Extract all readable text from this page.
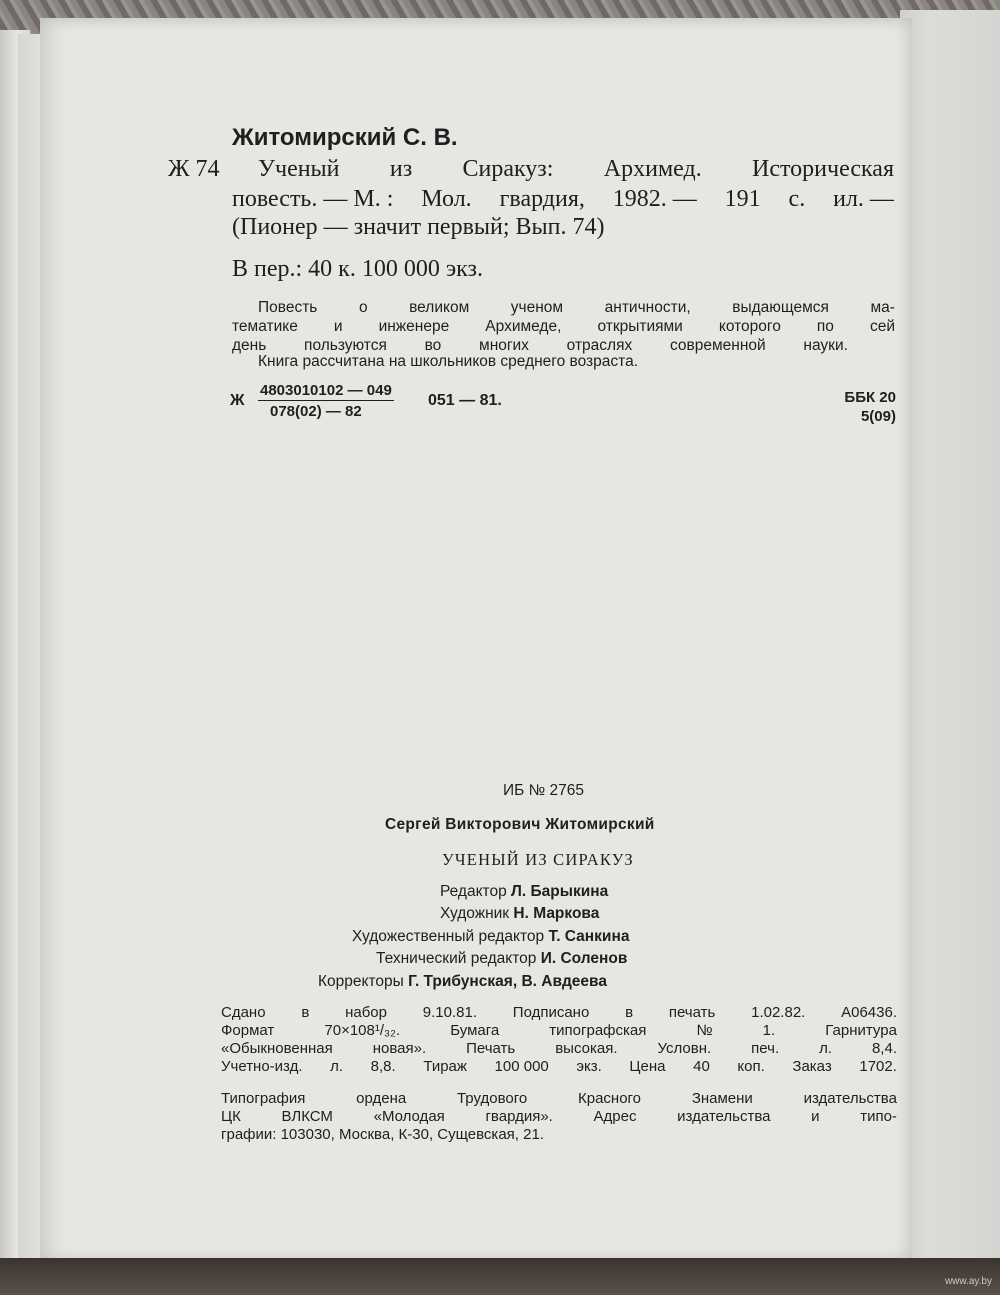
Житомирский С. В.
Ж 74 Ученый из Сиракуз: Архимед. Историческая
повесть. — М. : Мол. гвардия, 1982. — 191 с. ил. —
(Пионер — значит первый; Вып. 74)
В пер.: 40 к. 100 000 экз.
Повесть	о	великом	ученом	античности,	выдающемся	ма-
тематике и инженере Архимеде, открытиями которого по сей
день пользуются во многих отраслях современной науки.
Книга рассчитана на школьников среднего возраста.
Ж $\frac{4803010102 — 049}{078(02) — 82} 051$ — 81.	ББК 20
5(09)
ИБ № 2765
Сергей Викторович Житомирский
УЧЕНЫЙ ИЗ СИРАКУЗ
Редактор Л. Барыкина
Художник Н. Маркова
Художественный редактор Т. Санкина
Технический редактор И. Соленов
Корректоры Г. Трибунская, В. Авдеева
Сдано в набор 9.10.81. Подписано в печать 1.02.82. А06436.
Формат	70×108¹/₃₂.	Бумага	типографская	№	1.	Гарнитура
«Обыкновенная	новая».	Печать	высокая.	Условн.	печ.	л.	8,4.
Учетно-изд. л. 8,8. Тираж 100 000 экз. Цена 40 коп. Заказ 1702.
Типография	ордена	Трудового	Красного	Знамени	издательства
ЦК	ВЛКСМ	«Молодая	гвардия».	Адрес	издательства	и	типо-
графии: 103030, Москва, К-30, Сущевская, 21.
www.ay.by
